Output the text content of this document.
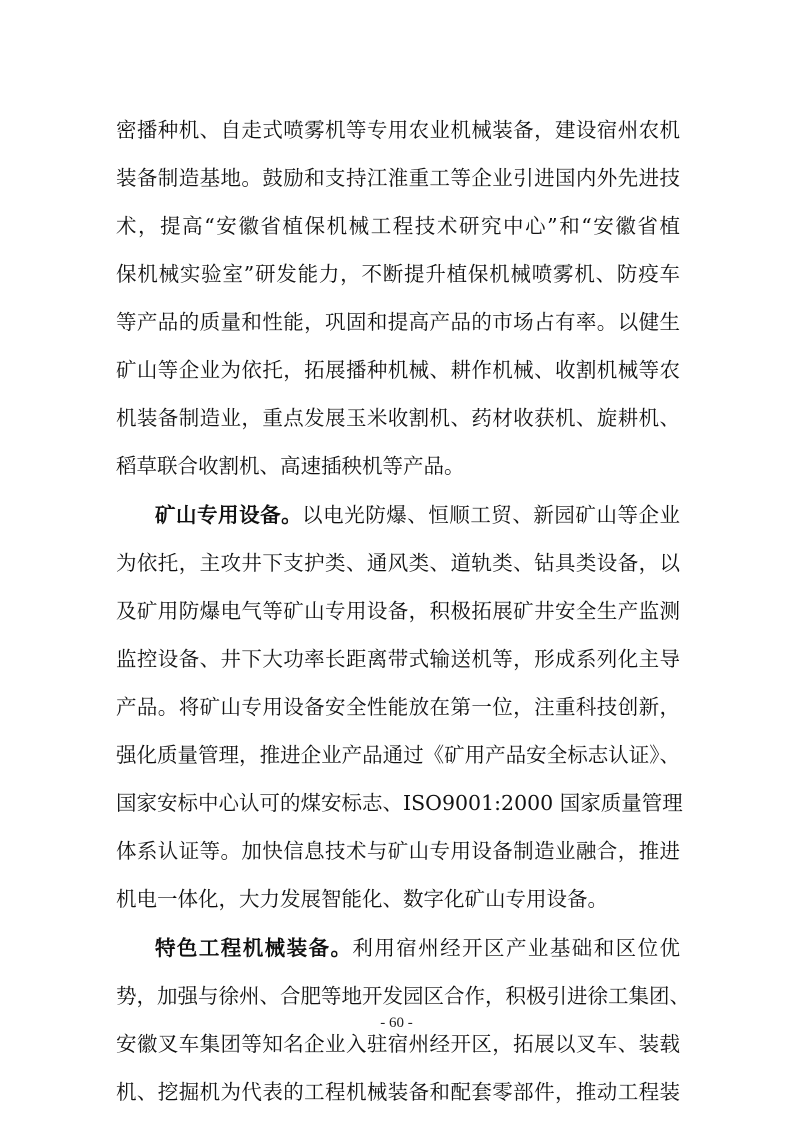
密播种机、自走式喷雾机等专用农业机械装备，建设宿州农机
装备制造基地。鼓励和支持江淮重工等企业引进国内外先进技
术，提高“安徽省植保机械工程技术研究中心”和“安徽省植
保机械实验室”研发能力，不断提升植保机械喷雾机、防疫车
等产品的质量和性能，巩固和提高产品的市场占有率。以健生
矿山等企业为依托，拓展播种机械、耕作机械、收割机械等农
机装备制造业，重点发展玉米收割机、药材收获机、旋耕机、
稻草联合收割机、高速插秧机等产品。
矿山专用设备。以电光防爆、恒顺工贸、新园矿山等企业
为依托，主攻井下支护类、通风类、道轨类、钻具类设备，以
及矿用防爆电气等矿山专用设备，积极拓展矿井安全生产监测
监控设备、井下大功率长距离带式输送机等，形成系列化主导
产品。将矿山专用设备安全性能放在第一位，注重科技创新，
强化质量管理，推进企业产品通过《矿用产品安全标志认证》、
国家安标中心认可的煤安标志、ISO9001:2000 国家质量管理
体系认证等。加快信息技术与矿山专用设备制造业融合，推进
机电一体化，大力发展智能化、数字化矿山专用设备。
特色工程机械装备。利用宿州经开区产业基础和区位优
势，加强与徐州、合肥等地开发园区合作，积极引进徐工集团、
安徽叉车集团等知名企业入驻宿州经开区，拓展以叉车、装载
机、挖掘机为代表的工程机械装备和配套零部件，推动工程装
- 60 -
